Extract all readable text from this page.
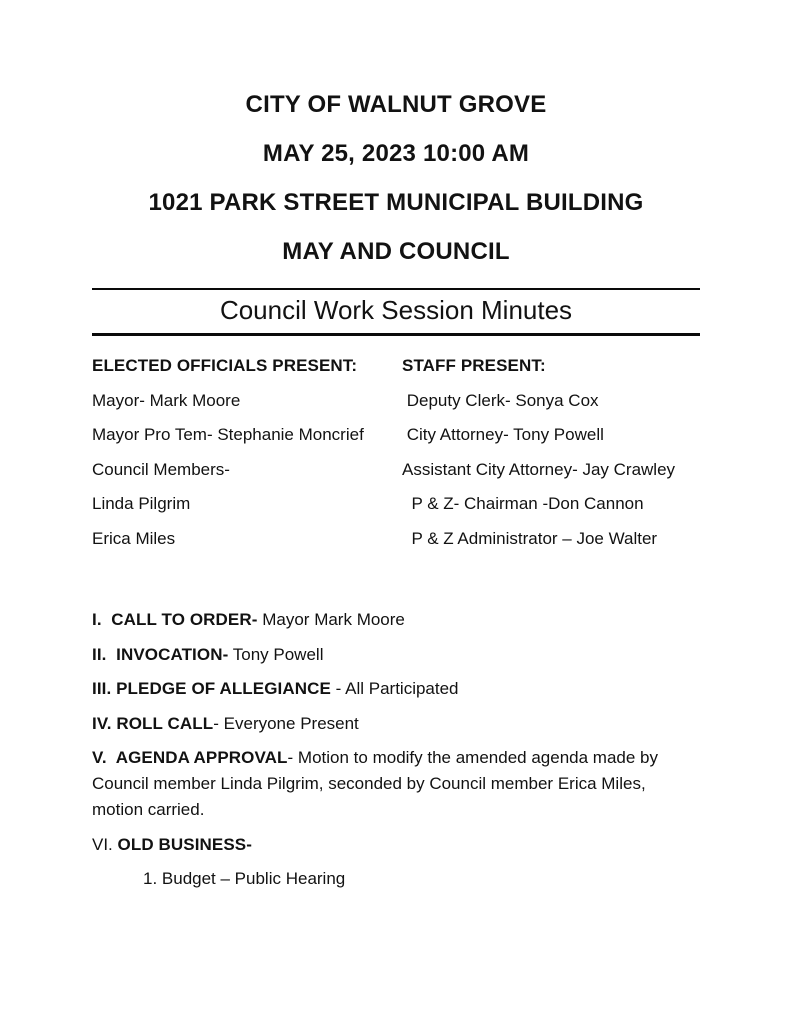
CITY OF WALNUT GROVE
MAY 25, 2023 10:00 AM
1021 PARK STREET MUNICIPAL BUILDING
MAY AND COUNCIL
Council Work Session Minutes
ELECTED OFFICIALS PRESENT:	STAFF PRESENT:
Mayor- Mark Moore	Deputy Clerk- Sonya Cox
Mayor Pro Tem- Stephanie Moncrief	City Attorney- Tony Powell
Council Members-	Assistant City Attorney- Jay Crawley
Linda Pilgrim	P & Z- Chairman -Don Cannon
Erica Miles	P & Z Administrator – Joe Walter

I.  CALL TO ORDER- Mayor Mark Moore

II.  INVOCATION- Tony Powell

III. PLEDGE OF ALLEGIANCE - All Participated

IV. ROLL CALL- Everyone Present

V.  AGENDA APPROVAL- Motion to modify the amended agenda made by Council member Linda Pilgrim, seconded by Council member Erica Miles, motion carried.

VI. OLD BUSINESS-

1. Budget – Public Hearing
